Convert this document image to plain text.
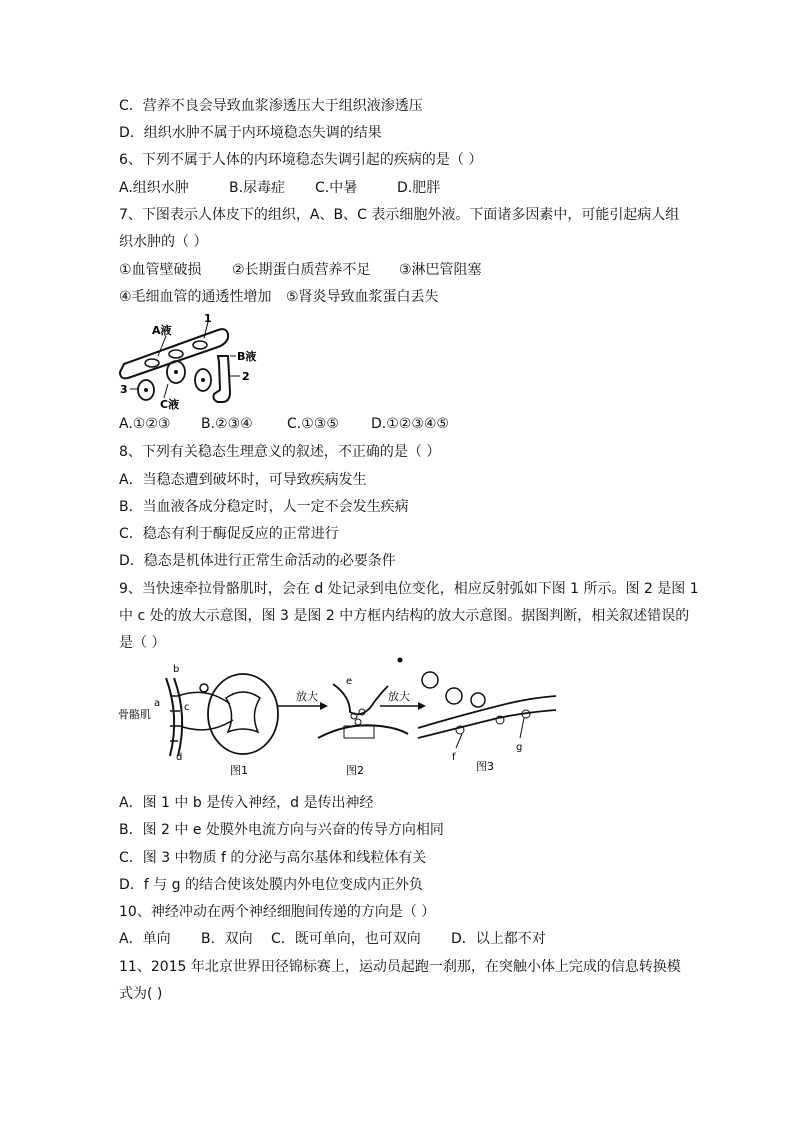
C．营养不良会导致血浆渗透压大于组织液渗透压
D．组织水肿不属于内环境稳态失调的结果
6、下列不属于人体的内环境稳态失调引起的疾病的是（ ）
A.组织水肿	B.尿毒症 C.中暑	D.肥胖
7、下图表示人体皮下的组织，A、B、C 表示细胞外液。下面诸多因素中，可能引起病人组
织水肿的（ ）
①血管壁破损 ②长期蛋白质营养不足 ③淋巴管阻塞
④毛细血管的通透性增加 ⑤肾炎导致血浆蛋白丢失
A液
1
B液
2
3
C液
A.①②③ B.②③④ C.①③⑤ D.①②③④⑤
8、下列有关稳态生理意义的叙述，不正确的是（ ）
A．当稳态遭到破坏时，可导致疾病发生
B．当血液各成分稳定时，人一定不会发生疾病
C．稳态有利于酶促反应的正常进行
D．稳态是机体进行正常生命活动的必要条件
9、当快速牵拉骨骼肌时，会在 d 处记录到电位变化，相应反射弧如下图 1 所示。图 2 是图 1
中 c 处的放大示意图，图 3 是图 2 中方框内结构的放大示意图。据图判断，相关叙述错误的
是（ ）
放大
骨骼肌
a
b
c
d
图1
e
放大
图2
f
g
图3
A．图 1 中 b 是传入神经，d 是传出神经
B．图 2 中 e 处膜外电流方向与兴奋的传导方向相同
C．图 3 中物质 f 的分泌与高尔基体和线粒体有关
D．f 与 g 的结合使该处膜内外电位变成内正外负
10、神经冲动在两个神经细胞间传递的方向是（ ）
A．单向 B．双向 C．既可单向，也可双向 D．以上都不对
11、2015 年北京世界田径锦标赛上，运动员起跑一刹那，在突触小体上完成的信息转换模
式为( )
